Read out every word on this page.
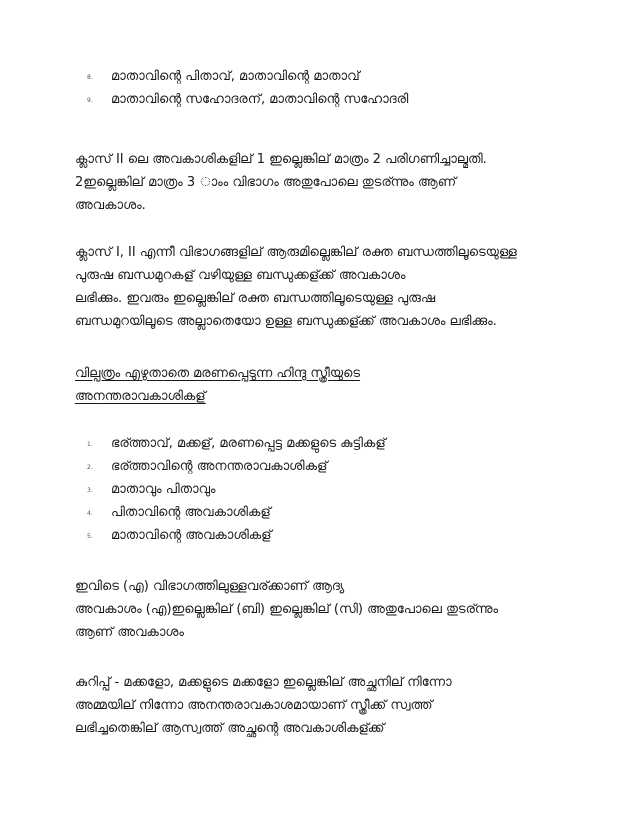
8. മാതാവിന്റെ പിതാവ്, മാതാവിന്റെ മാതാവ്
9. മാതാവിന്റെ സഹോദരന്, മാതാവിന്റെ സഹോദരി
ക്ലാസ് II ലെ അവകാശികളില് 1 ഇല്ലെങ്കില് മാത്രം 2 പരിഗണിച്ചാല്മതി.
2ഇല്ലെങ്കില് മാത്രം 3 ാംം വിഭാഗം അതുപോലെ തുടര്ന്നും ആണ്
അവകാശം.
ക്ലാസ് I, II എന്നീ വിഭാഗങ്ങളില് ആരുമില്ലെങ്കില് രക്ത ബന്ധത്തിലൂടെയുള്ള
പുരുഷ ബന്ധമുറകള് വഴിയുള്ള ബന്ധുക്കള്ക്ക് അവകാശം
ലഭിക്കും. ഇവരും ഇല്ലെങ്കില് രക്ത ബന്ധത്തിലൂടെയുള്ള പുരുഷ
ബന്ധമുറയിലൂടെ അല്ലാതെയോ ഉള്ള ബന്ധുക്കള്ക്ക് അവകാശം ലഭിക്കും.
വില്പത്രം എഴുതാതെ മരണപ്പെടുന്ന ഹിന്ദു സ്ത്രീയുടെ
അനന്തരാവകാശികള്
1. ഭര്ത്താവ്, മക്കള്, മരണപ്പെട്ട മക്കളുടെ കുട്ടികള്
2. ഭര്ത്താവിന്റെ അനന്തരാവകാശികള്
3. മാതാവും പിതാവും
4. പിതാവിന്റെ അവകാശികള്
5. മാതാവിന്റെ അവകാശികള്
ഇവിടെ (എ) വിഭാഗത്തിലുള്ളവര്ക്കാണ് ആദ്യ
അവകാശം (എ)ഇല്ലെങ്കില് (ബി) ഇല്ലെങ്കില് (സി) അതുപോലെ തുടര്ന്നും
ആണ് അവകാശം
കുറിപ്പ് - മക്കളോ, മക്കളുടെ മക്കളോ ഇല്ലെങ്കില് അച്ഛനില് നിന്നോ
അമ്മയില് നിന്നോ അനന്തരാവകാശമായാണ് സ്ത്രീക്ക് സ്വത്ത്
ലഭിച്ചതെങ്കില് ആസ്വത്ത് അച്ഛന്റെ അവകാശികള്ക്ക്
